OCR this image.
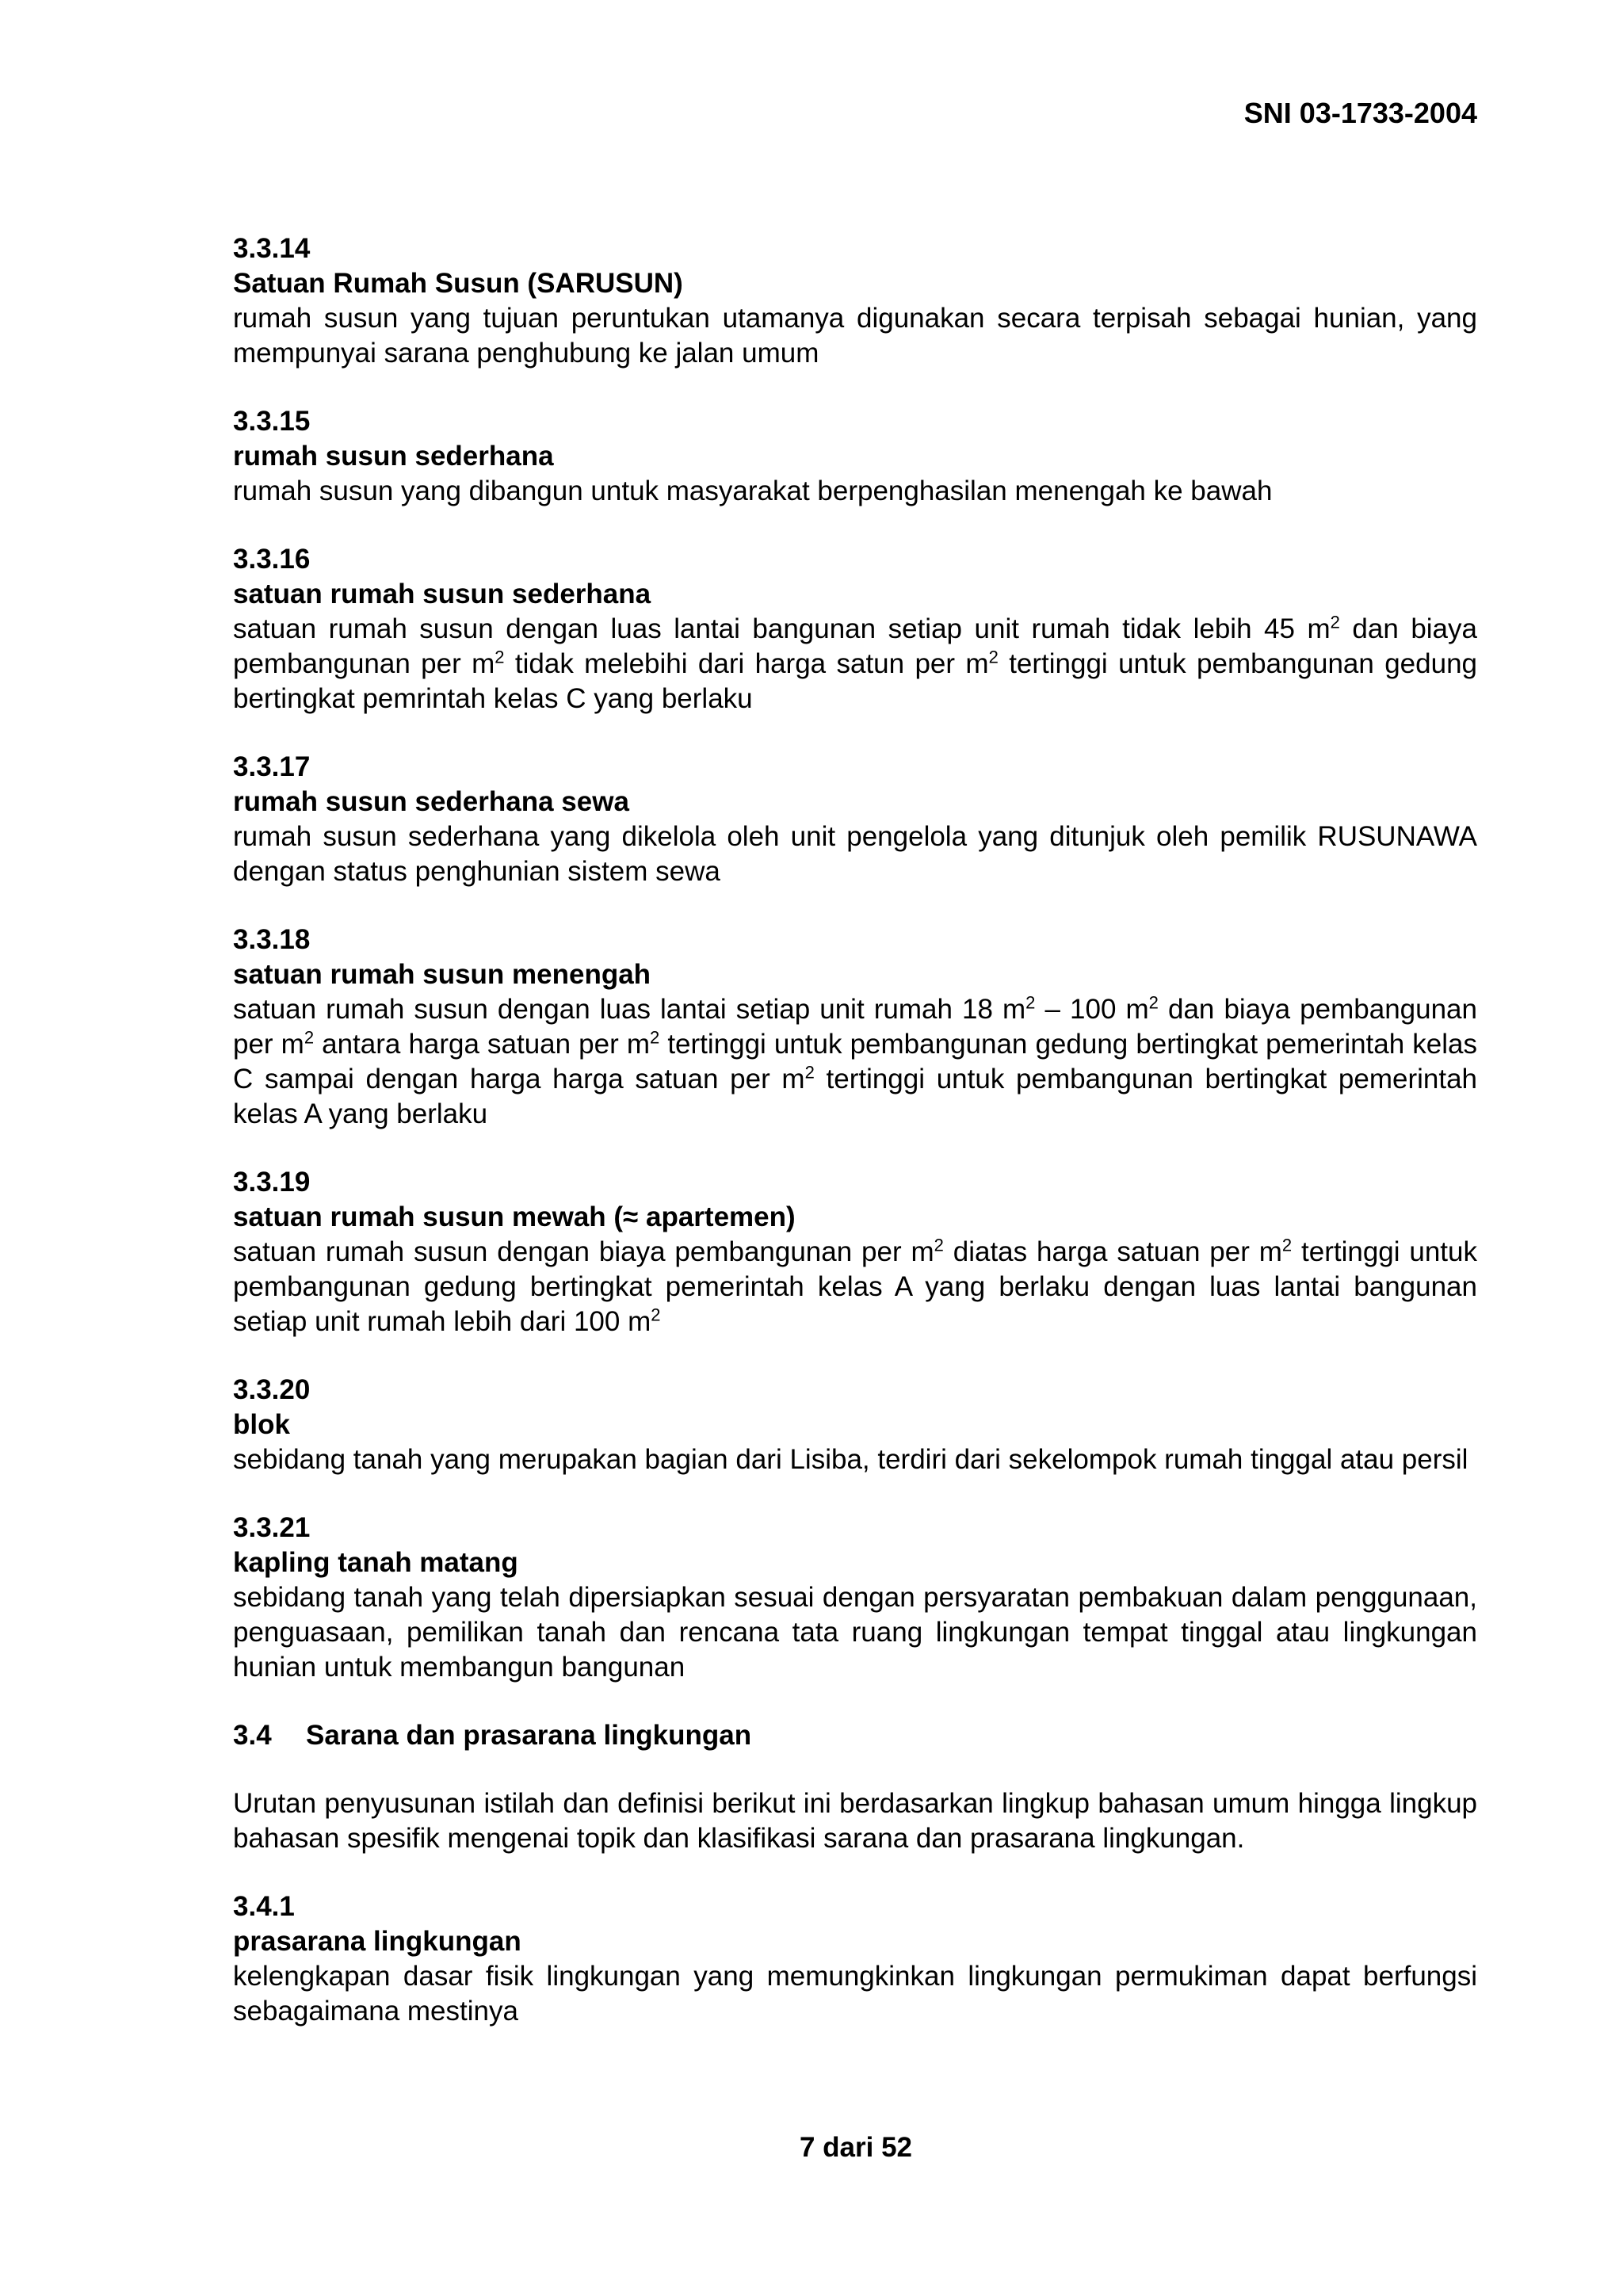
SNI 03-1733-2004
3.3.14
Satuan Rumah Susun (SARUSUN)
rumah susun yang tujuan peruntukan utamanya digunakan secara terpisah sebagai hunian, yang mempunyai sarana penghubung ke jalan umum
3.3.15
rumah susun sederhana
rumah susun yang dibangun untuk masyarakat berpenghasilan menengah ke bawah
3.3.16
satuan rumah susun sederhana
satuan rumah susun dengan luas lantai bangunan setiap unit rumah tidak lebih 45 $m^2$ dan biaya pembangunan per $m^2$ tidak melebihi dari harga satun per $m^2$ tertinggi untuk pembangunan gedung bertingkat pemrintah kelas C yang berlaku
3.3.17
rumah susun sederhana sewa
rumah susun sederhana yang dikelola oleh unit pengelola yang ditunjuk oleh pemilik RUSUNAWA dengan status penghunian sistem sewa
3.3.18
satuan rumah susun menengah
satuan rumah susun dengan luas lantai setiap unit rumah 18 $m^2 - 100$ $m^2$ dan biaya pembangunan per $m^2$ antara harga satuan per $m^2$ tertinggi untuk pembangunan gedung bertingkat pemerintah kelas C sampai dengan harga harga satuan per $m^2$ tertinggi untuk pembangunan bertingkat pemerintah kelas A yang berlaku
3.3.19
satuan rumah susun mewah (≈ apartemen)
satuan rumah susun dengan biaya pembangunan per $m^2$ diatas harga satuan per $m^2$ tertinggi untuk pembangunan gedung bertingkat pemerintah kelas A yang berlaku dengan luas lantai bangunan setiap unit rumah lebih dari 100 $m^2$
3.3.20
blok
sebidang tanah yang merupakan bagian dari Lisiba, terdiri dari sekelompok rumah tinggal atau persil
3.3.21
kapling tanah matang
sebidang tanah yang telah dipersiapkan sesuai dengan persyaratan pembakuan dalam penggunaan, penguasaan, pemilikan tanah dan rencana tata ruang lingkungan tempat tinggal atau lingkungan hunian untuk membangun bangunan
3.4 Sarana dan prasarana lingkungan
Urutan penyusunan istilah dan definisi berikut ini berdasarkan lingkup bahasan umum hingga lingkup bahasan spesifik mengenai topik dan klasifikasi sarana dan prasarana lingkungan.
3.4.1
prasarana lingkungan
kelengkapan dasar fisik lingkungan yang memungkinkan lingkungan permukiman dapat berfungsi sebagaimana mestinya
7 dari 52
